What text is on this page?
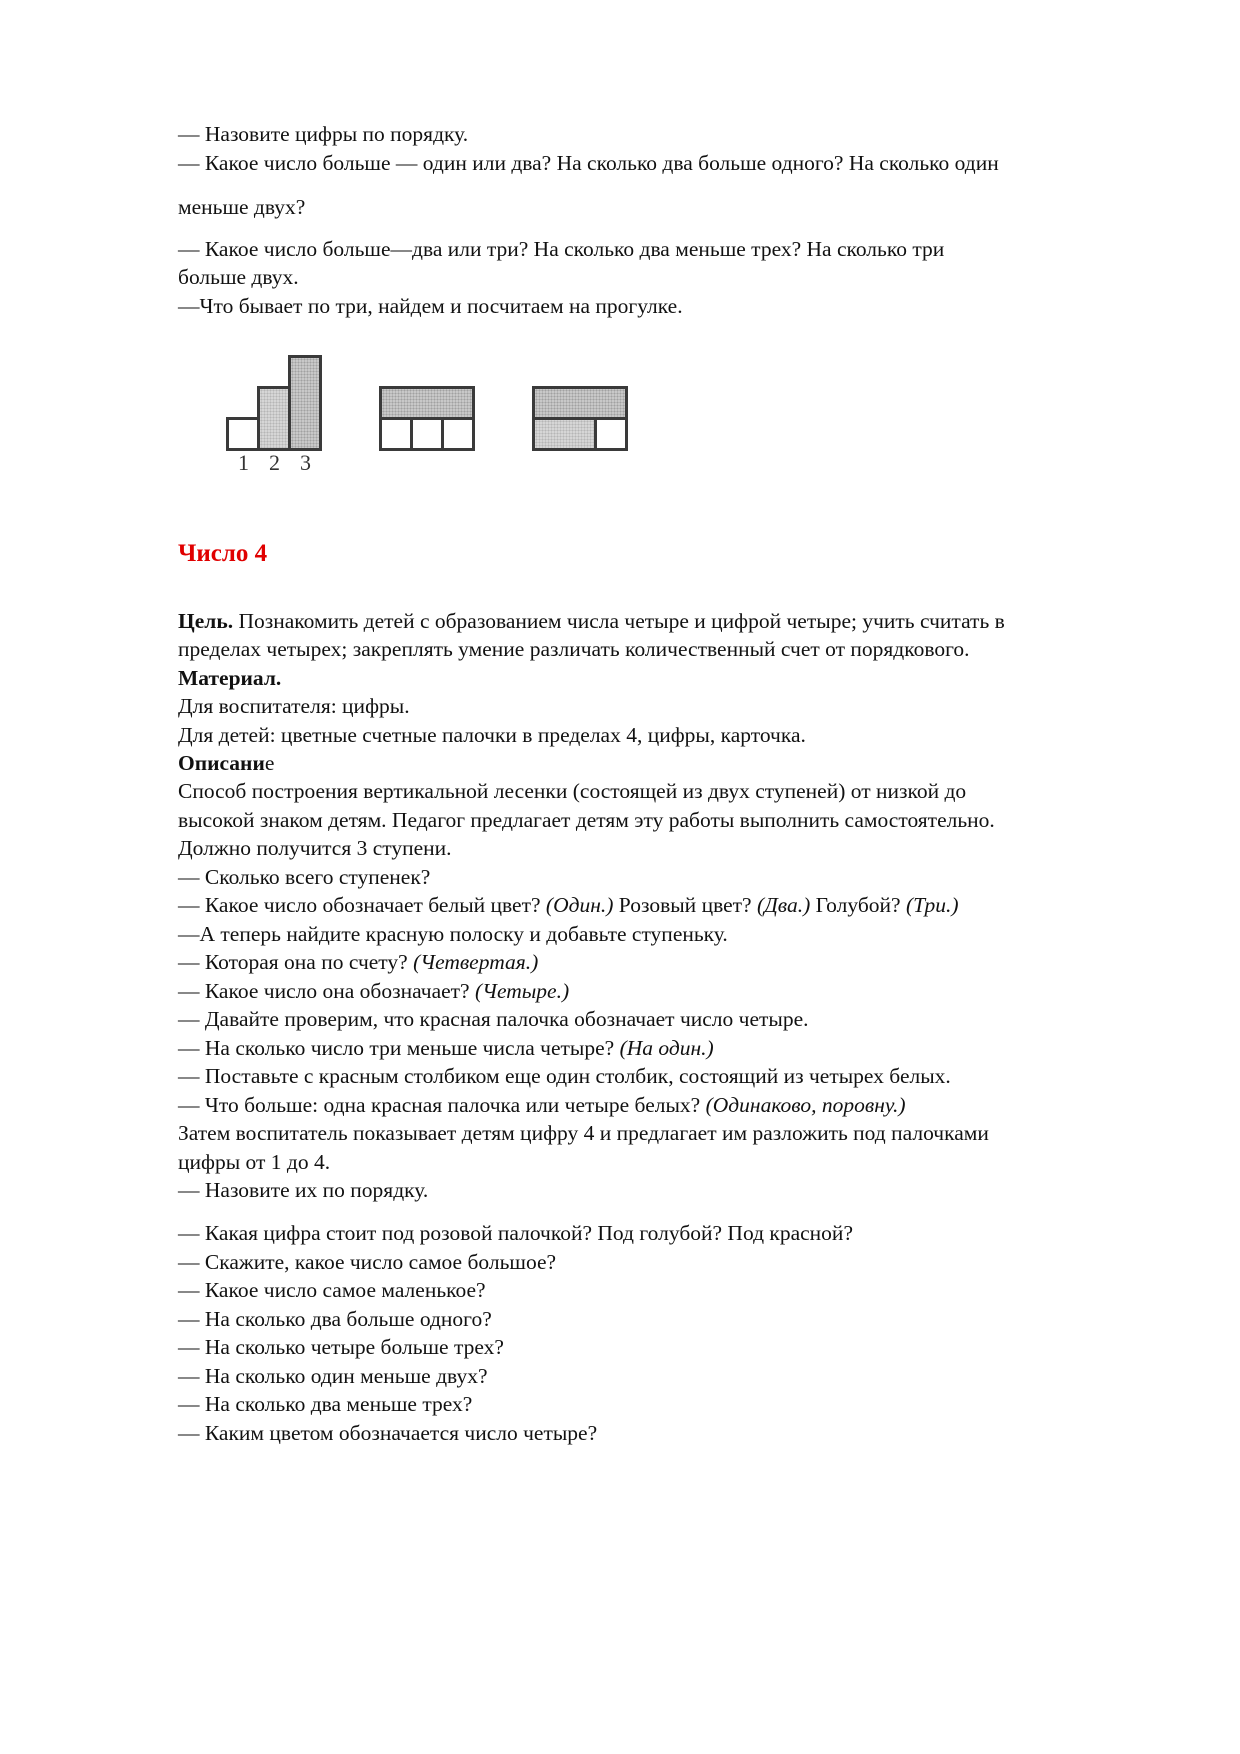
— Назовите цифры по порядку.
— Какое число больше — один или два? На сколько два больше одного? На сколько один
меньше двух?
— Какое число больше—два или три? На сколько два меньше трех? На сколько три
больше двух.
—Что бывает по три, найдем и посчитаем на прогулке.
1 2 3
Число 4
Цель. Познакомить детей с образованием числа четыре и цифрой четыре; учить считать в
пределах четырех; закреплять умение различать количественный счет от порядкового.
Материал.
Для воспитателя: цифры.
Для детей: цветные счетные палочки в пределах 4, цифры, карточка.
Описание
Способ построения вертикальной лесенки (состоящей из двух ступеней) от низкой до
высокой знаком детям. Педагог предлагает детям эту работы выполнить самостоятельно.
Должно получится 3 ступени.
— Сколько всего ступенек?
— Какое число обозначает белый цвет? (Один.) Розовый цвет? (Два.) Голубой? (Три.)
—А теперь найдите красную полоску и добавьте ступеньку.
— Которая она по счету? (Четвертая.)
— Какое число она обозначает? (Четыре.)
— Давайте проверим, что красная палочка обозначает число четыре.
— На сколько число три меньше числа четыре? (На один.)
— Поставьте с красным столбиком еще один столбик, состоящий из четырех белых.
— Что больше: одна красная палочка или четыре белых? (Одинаково, поровну.)
Затем воспитатель показывает детям цифру 4 и предлагает им разложить под палочками
цифры от 1 до 4.
— Назовите их по порядку.
— Какая цифра стоит под розовой палочкой? Под голубой? Под красной?
— Скажите, какое число самое большое?
— Какое число самое маленькое?
— На сколько два больше одного?
— На сколько четыре больше трех?
— На сколько один меньше двух?
— На сколько два меньше трех?
— Каким цветом обозначается число четыре?
